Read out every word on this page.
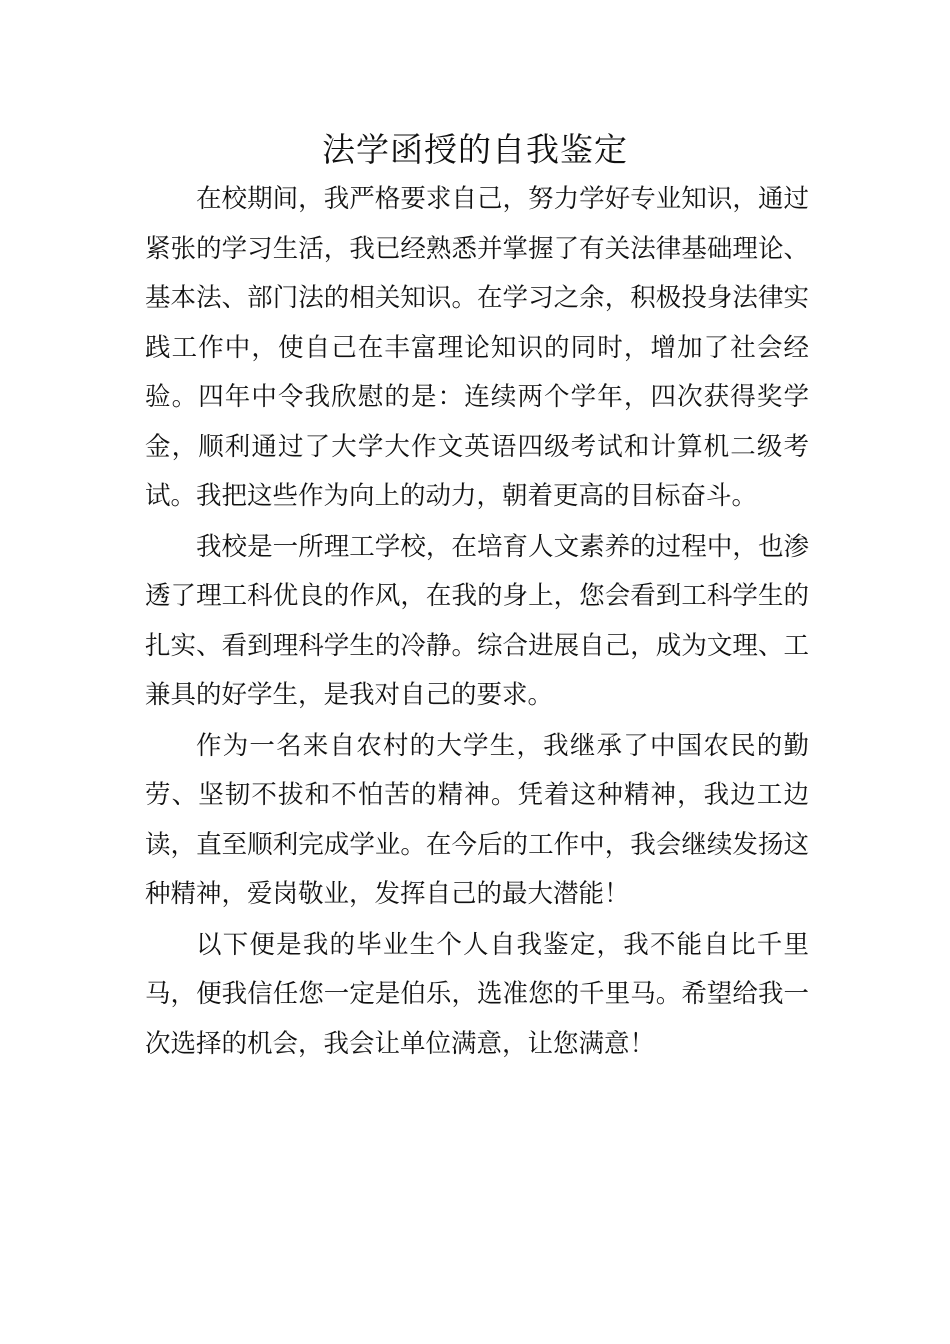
法学函授的自我鉴定

在校期间，我严格要求自己，努力学好专业知识，通过紧张的学习生活，我已经熟悉并掌握了有关法律基础理论、基本法、部门法的相关知识。在学习之余，积极投身法律实践工作中，使自己在丰富理论知识的同时，增加了社会经验。四年中令我欣慰的是：连续两个学年，四次获得奖学金，顺利通过了大学大作文英语四级考试和计算机二级考试。我把这些作为向上的动力，朝着更高的目标奋斗。

我校是一所理工学校，在培育人文素养的过程中，也渗透了理工科优良的作风，在我的身上，您会看到工科学生的扎实、看到理科学生的冷静。综合进展自己，成为文理、工兼具的好学生，是我对自己的要求。

作为一名来自农村的大学生，我继承了中国农民的勤劳、坚韧不拔和不怕苦的精神。凭着这种精神，我边工边读，直至顺利完成学业。在今后的工作中，我会继续发扬这种精神，爱岗敬业，发挥自己的最大潜能！

以下便是我的毕业生个人自我鉴定，我不能自比千里马，便我信任您一定是伯乐，选准您的千里马。希望给我一次选择的机会，我会让单位满意，让您满意！
